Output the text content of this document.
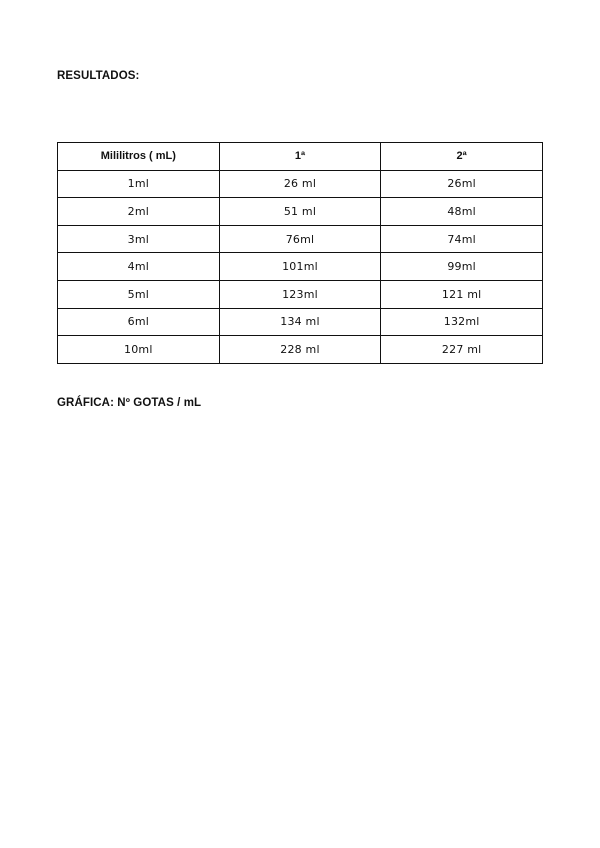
RESULTADOS:
Mililitros ( mL)	1ª	2ª
1ml	26 ml	26ml
2ml	51 ml	48ml
3ml	76ml	74ml
4ml	101ml	99ml
5ml	123ml	121 ml
6ml	134 ml	132ml
10ml	228 ml	227 ml
GRÁFICA: Nº GOTAS / mL
